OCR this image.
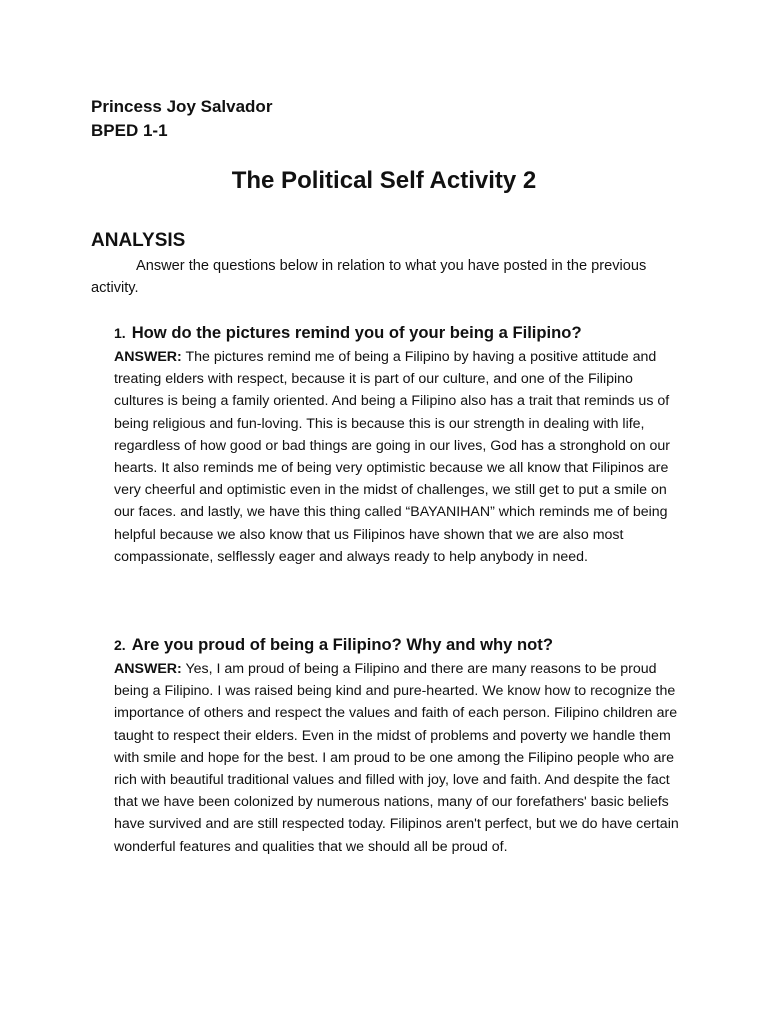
Princess Joy Salvador

BPED 1-1

The Political Self Activity 2
ANALYSIS

Answer the questions below in relation to what you have posted in the previous activity.

1. How do the pictures remind you of your being a Filipino?

ANSWER: The pictures remind me of being a Filipino by having a positive attitude and treating elders with respect, because it is part of our culture, and one of the Filipino cultures is being a family oriented. And being a Filipino also has a trait that reminds us of being religious and fun-loving. This is because this is our strength in dealing with life, regardless of how good or bad things are going in our lives, God has a stronghold on our hearts. It also reminds me of being very optimistic because we all know that Filipinos are very cheerful and optimistic even in the midst of challenges, we still get to put a smile on our faces. and lastly, we have this thing called “BAYANIHAN” which reminds me of being helpful because we also know that us Filipinos have shown that we are also most compassionate, selflessly eager and always ready to help anybody in need.

2. Are you proud of being a Filipino? Why and why not?

ANSWER: Yes, I am proud of being a Filipino and there are many reasons to be proud being a Filipino. I was raised being kind and pure-hearted. We know how to recognize the importance of others and respect the values and faith of each person. Filipino children are taught to respect their elders. Even in the midst of problems and poverty we handle them with smile and hope for the best. I am proud to be one among the Filipino people who are rich with beautiful traditional values and filled with joy, love and faith. And despite the fact that we have been colonized by numerous nations, many of our forefathers' basic beliefs have survived and are still respected today. Filipinos aren't perfect, but we do have certain wonderful features and qualities that we should all be proud of.
